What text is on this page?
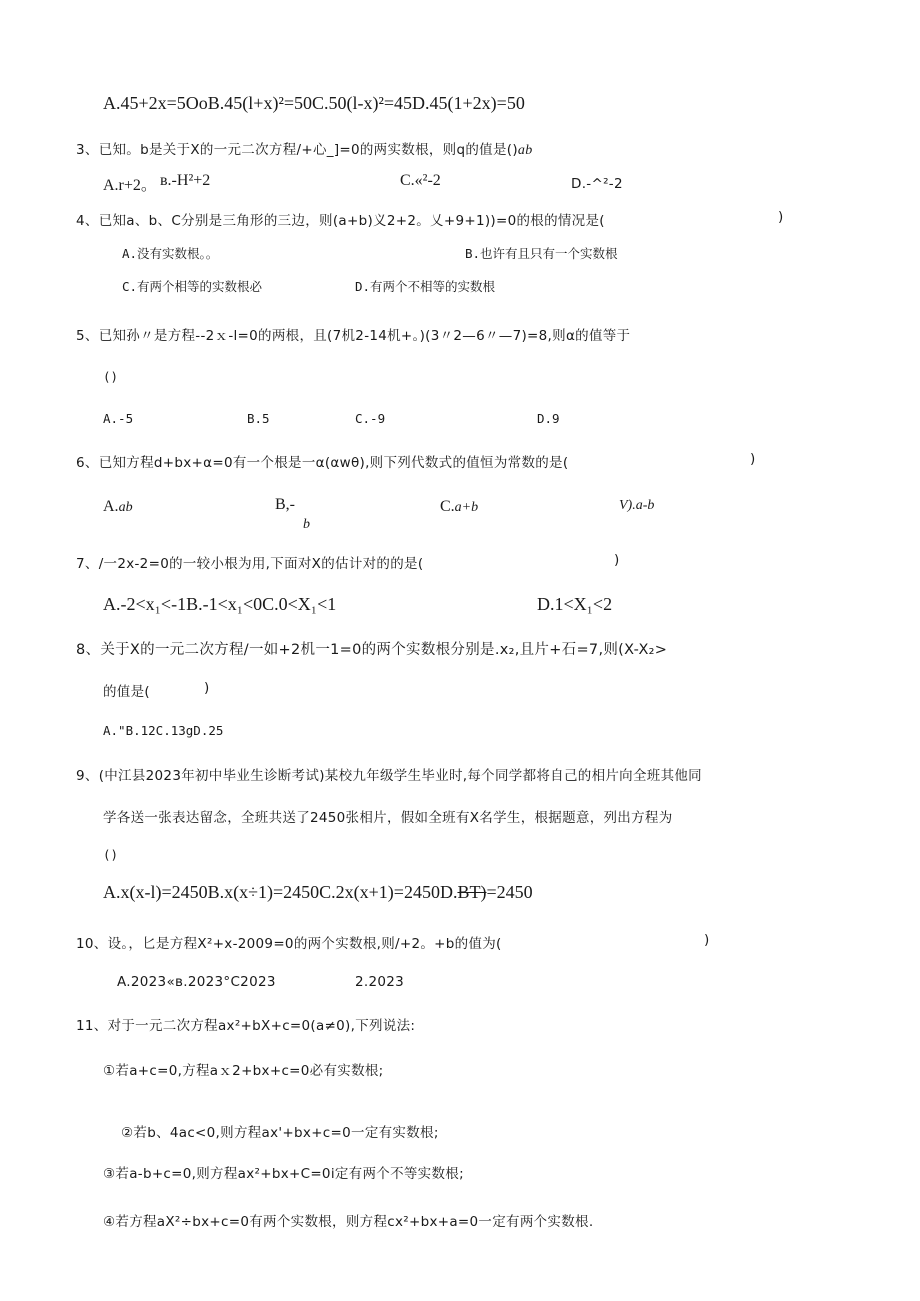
A.45+2x=5OoB.45(l+x)²=50C.50(l-x)²=45D.45(1+2x)=50
3、已知。b是关于X的一元二次方程/+心_]=0的两实数根，则q的值是()ab
A.r+2。 в.-H²+2	C.«²-2	D.-^²-2
4、已知a、b、C分别是三角形的三边，则(a+b)义2+2。乂+9+1))=0的根的情况是(	)
A.没有实数根。。	B.也许有且只有一个实数根
C.有两个相等的实数根必	D.有两个不相等的实数根
5、已知孙〃是方程--2ｘ-l=0的两根，且(7机2-14机+。)(3〃2—6〃—7)=8,则α的值等于
()
A.-5	B.5	C.-9	D.9
6、已知方程d+bx+α=0有一个根是一α(αwθ),则下列代数式的值恒为常数的是(	)
A.ab	B,-
b
C.a+b	V).a-b
7、/一2x-2=0的一较小根为用,下面对X的估计对的的是(	)
A.-2<x₁<-1B.-1<x₁<0C.0<X₁<1	D.1<X₁<2
8、关于X的一元二次方程/一如+2机一1=0的两个实数根分别是.x₂,且片+石=7,则(X-X₂>
的值是(	)
A."B.12C.13gD.25
9、(中江县2023年初中毕业生诊断考试)某校九年级学生毕业时,每个同学都将自己的相片向全班其他同
学各送一张表达留念，全班共送了2450张相片，假如全班有X名学生，根据题意，列出方程为
()
A.x(x-l)=2450B.x(x÷1)=2450C.2x(x+1)=2450D.BT)=2450
10、设。，匕是方程X²+x-2009=0的两个实数根,则/+2。+b的值为(	)
A.2023«в.2023°C2023	2.2023
11、对于一元二次方程ax²+bX+c=0(a≠0),下列说法:
①若a+c=0,方程aｘ2+bx+c=0必有实数根;
②若b、4ac<0,则方程ax'+bx+c=0一定有实数根;
③若a-b+c=0,则方程ax²+bx+C=0i定有两个不等实数根;
④若方程aX²÷bx+c=0有两个实数根，则方程cx²+bx+a=0一定有两个实数根.
